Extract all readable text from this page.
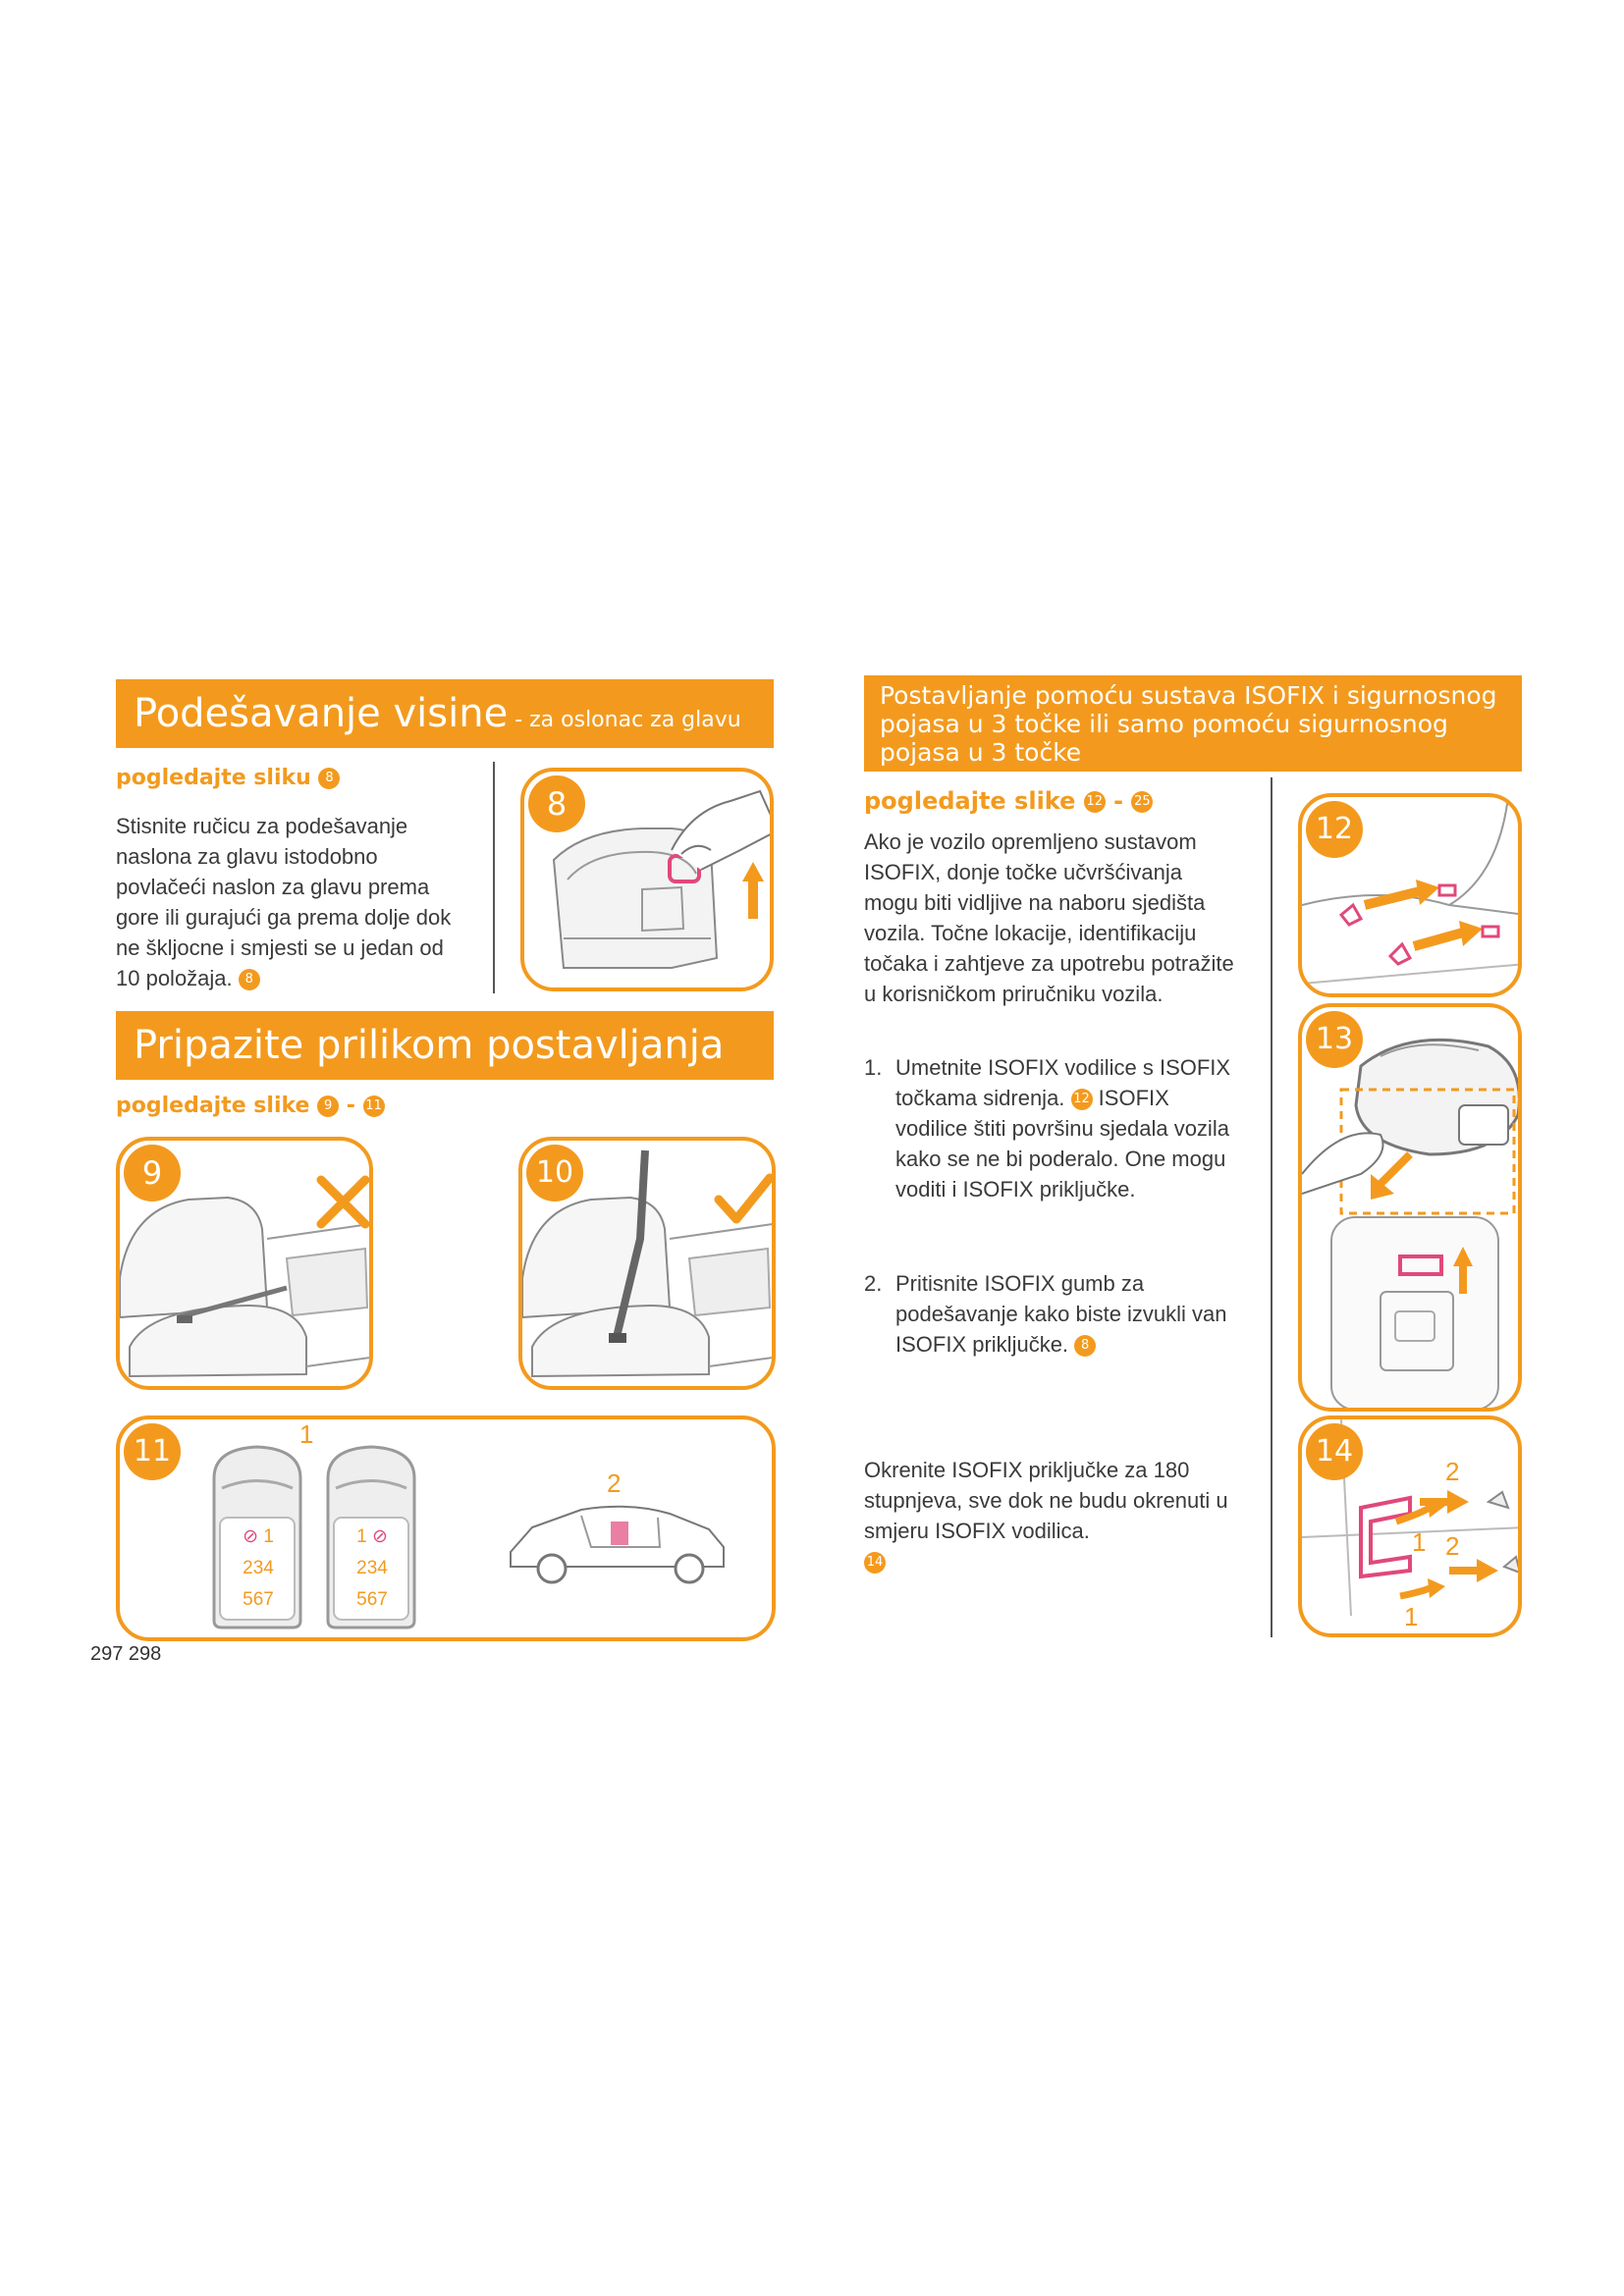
Podešavanje visine - za oslonac za glavu
pogledajte sliku 8
Stisnite ručicu za podešavanje naslona za glavu istodobno povlačeći naslon za glavu prema gore ili gurajući ga prema dolje dok ne škljocne i smjesti se u jedan od 10 položaja. 8
8
Pripazite prilikom postavljanja
pogledajte slike 9 - 11
9	10
11	1
2
⊘ 1
234
567
1 ⊘
234
567
297 298
Postavljanje pomoću sustava ISOFIX i sigurnosnog pojasa u 3 točke ili samo pomoću sigurnosnog pojasa u 3 točke
pogledajte slike 12 - 25
Ako je vozilo opremljeno sustavom ISOFIX, donje točke učvršćivanja mogu biti vidljive na naboru sjedišta vozila. Točne lokacije, identifikaciju točaka i zahtjeve za upotrebu potražite u korisničkom priručniku vozila.
1. Umetnite ISOFIX vodilice s ISOFIX točkama sidrenja. 12 ISOFIX vodilice štiti površinu sjedala vozila kako se ne bi poderalo. One mogu voditi i ISOFIX priključke.
2. Pritisnite ISOFIX gumb za podešavanje kako biste izvukli van ISOFIX priključke. 8
Okrenite ISOFIX priključke za 180 stupnjeva, sve dok ne budu okrenuti u smjeru ISOFIX vodilica.
14
12
13
14
2
1 2
1
